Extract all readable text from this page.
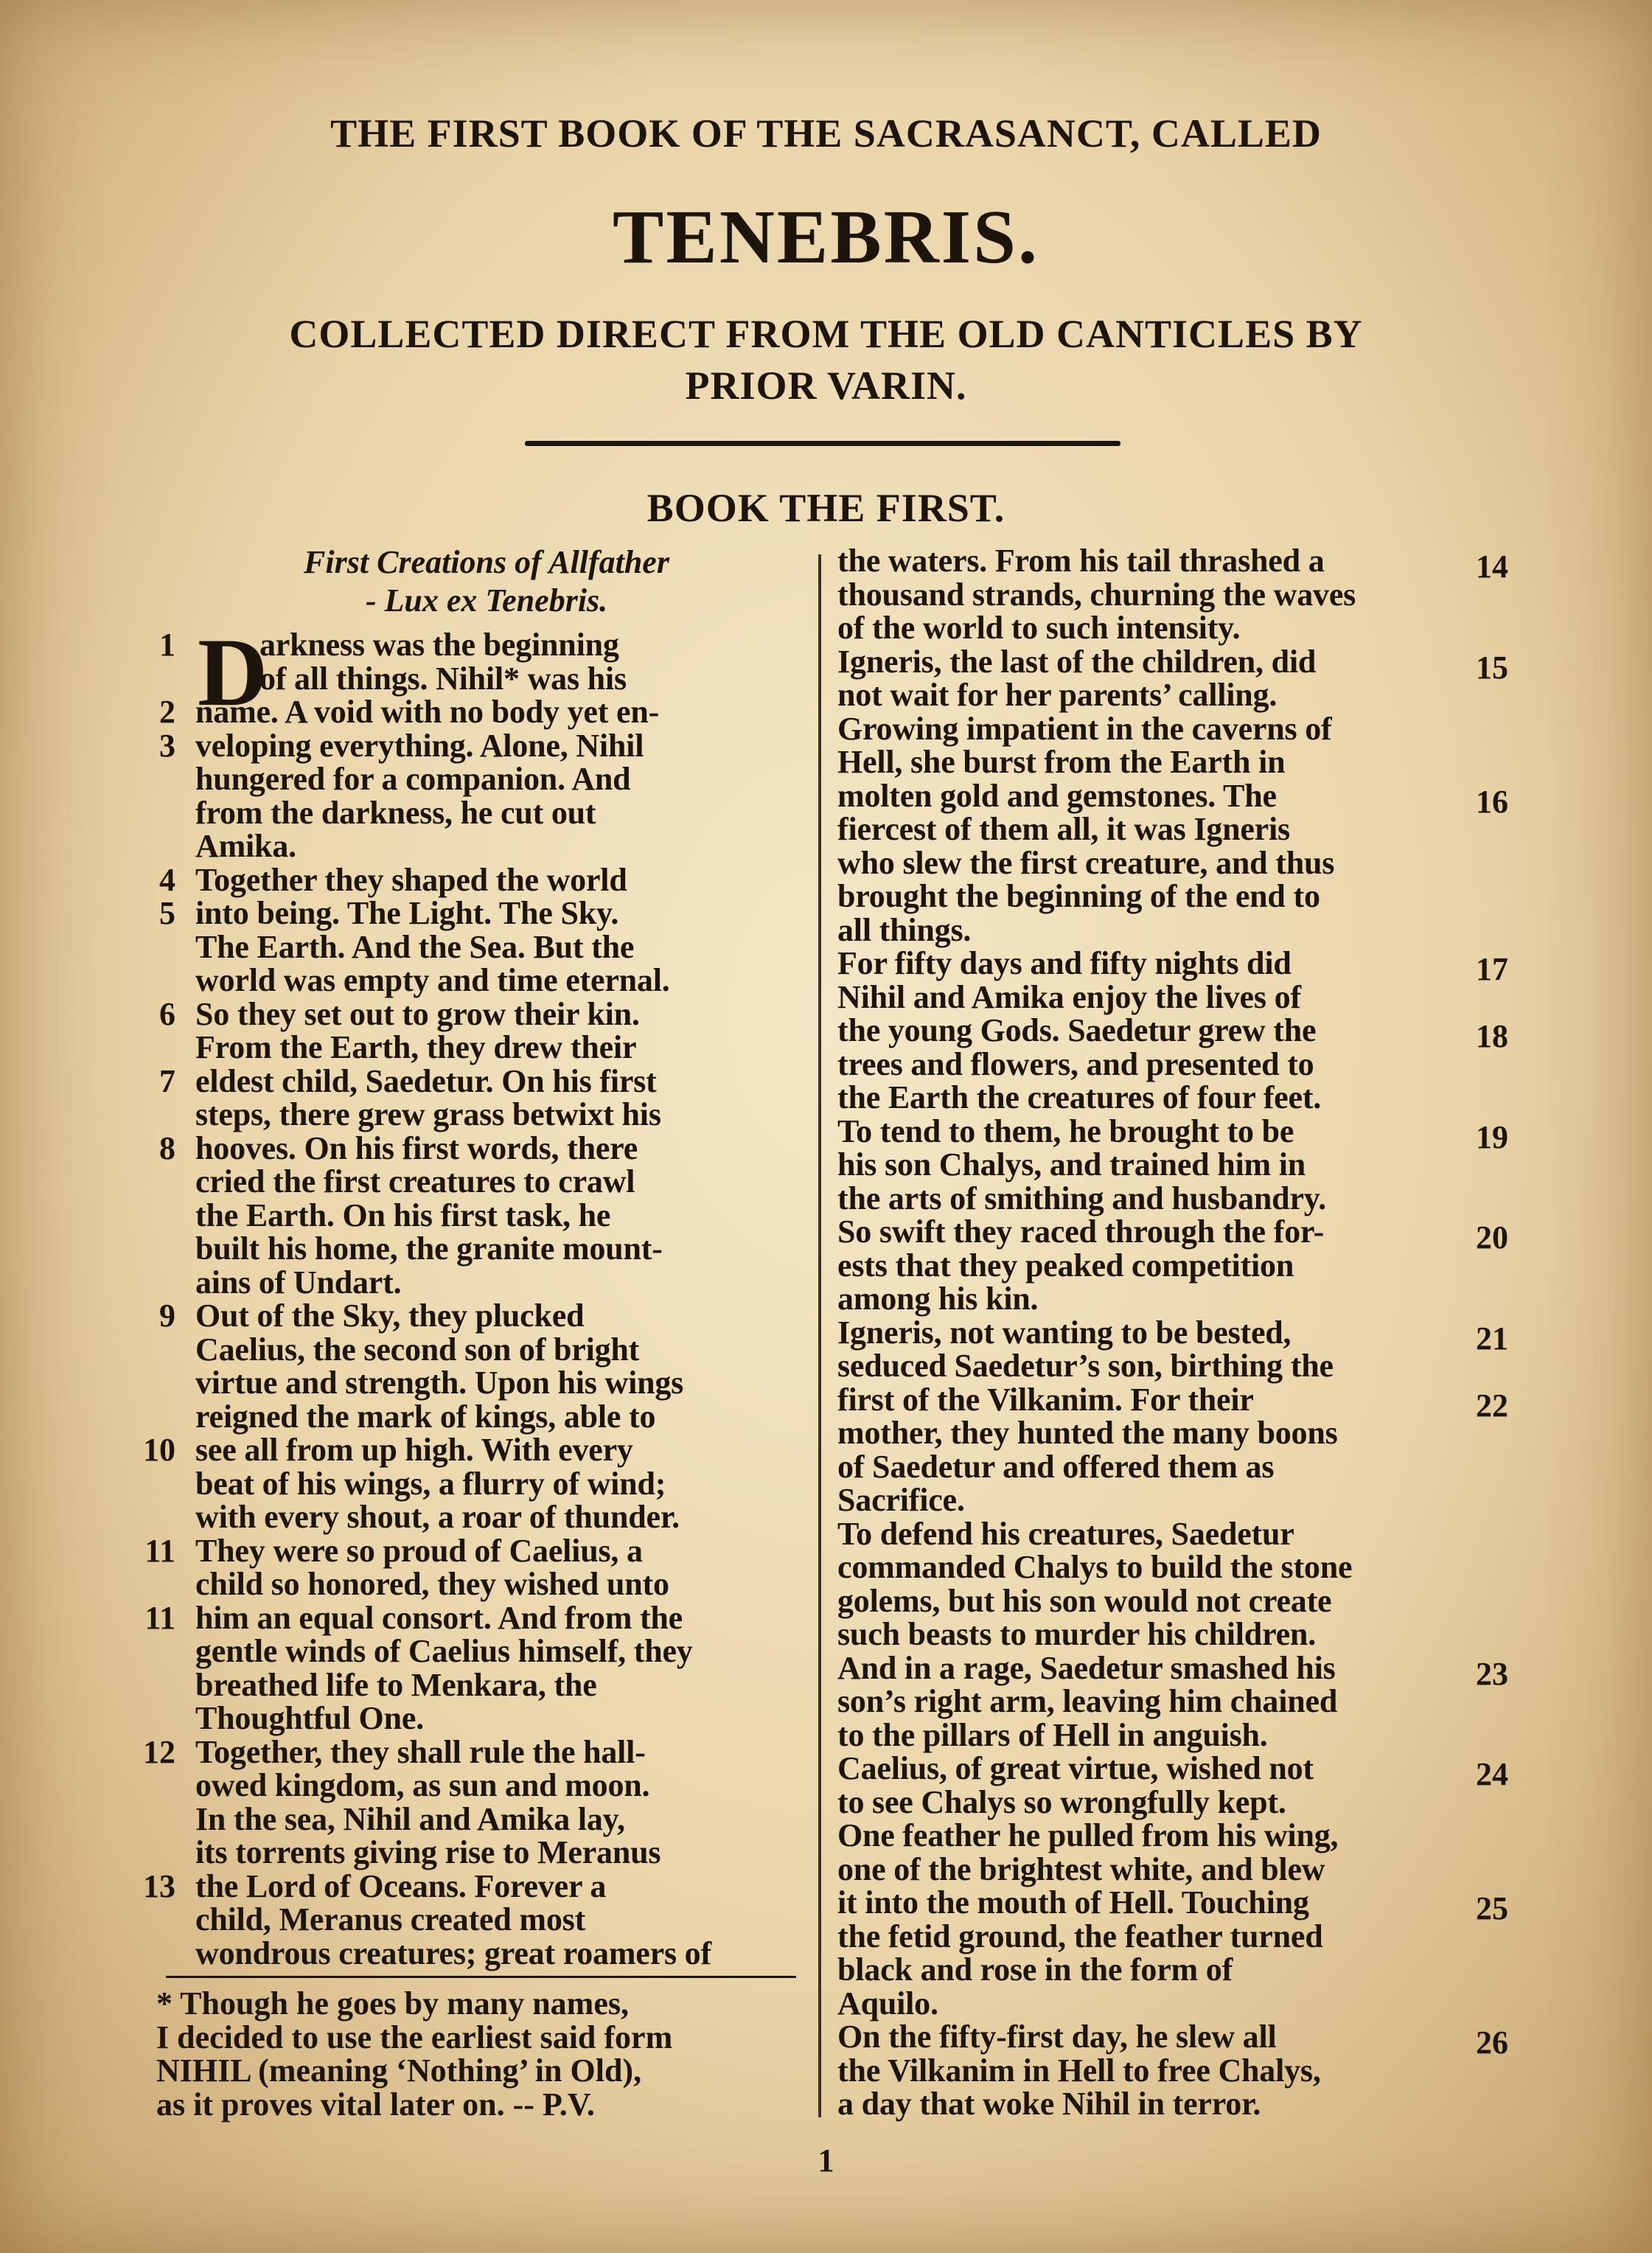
THE FIRST BOOK OF THE SACRASANCT, CALLED
TENEBRIS.
COLLECTED DIRECT FROM THE OLD CANTICLES BY
PRIOR VARIN.
BOOK THE FIRST.
First Creations of Allfather
- Lux ex Tenebris.
D
arkness was the beginning
of all things. Nihil* was his
name. A void with no body yet en-
veloping everything. Alone, Nihil
hungered for a companion. And
from the darkness, he cut out
Amika.
Together they shaped the world
into being. The Light. The Sky.
The Earth. And the Sea. But the
world was empty and time eternal.
So they set out to grow their kin.
From the Earth, they drew their
eldest child, Saedetur. On his first
steps, there grew grass betwixt his
hooves. On his first words, there
cried the first creatures to crawl
the Earth. On his first task, he
built his home, the granite mount-
ains of Undart.
Out of the Sky, they plucked
Caelius, the second son of bright
virtue and strength. Upon his wings
reigned the mark of kings, able to
see all from up high. With every
beat of his wings, a flurry of wind;
with every shout, a roar of thunder.
They were so proud of Caelius, a
child so honored, they wished unto
him an equal consort. And from the
gentle winds of Caelius himself, they
breathed life to Menkara, the
Thoughtful One.
Together, they shall rule the hall-
owed kingdom, as sun and moon.
In the sea, Nihil and Amika lay,
its torrents giving rise to Meranus
the Lord of Oceans. Forever a
child, Meranus created most
wondrous creatures; great roamers of
1
2
3
4
5
6
7
8
9
10
11
11
12
13
* Though he goes by many names,
I decided to use the earliest said form
NIHIL (meaning ‘Nothing’ in Old),
as it proves vital later on. -- P.V.
the waters. From his tail thrashed a
thousand strands, churning the waves
of the world to such intensity.
Igneris, the last of the children, did
not wait for her parents’ calling.
Growing impatient in the caverns of
Hell, she burst from the Earth in
molten gold and gemstones. The
fiercest of them all, it was Igneris
who slew the first creature, and thus
brought the beginning of the end to
all things.
For fifty days and fifty nights did
Nihil and Amika enjoy the lives of
the young Gods. Saedetur grew the
trees and flowers, and presented to
the Earth the creatures of four feet.
To tend to them, he brought to be
his son Chalys, and trained him in
the arts of smithing and husbandry.
So swift they raced through the for-
ests that they peaked competition
among his kin.
Igneris, not wanting to be bested,
seduced Saedetur’s son, birthing the
first of the Vilkanim. For their
mother, they hunted the many boons
of Saedetur and offered them as
Sacrifice.
To defend his creatures, Saedetur
commanded Chalys to build the stone
golems, but his son would not create
such beasts to murder his children.
And in a rage, Saedetur smashed his
son’s right arm, leaving him chained
to the pillars of Hell in anguish.
Caelius, of great virtue, wished not
to see Chalys so wrongfully kept.
One feather he pulled from his wing,
one of the brightest white, and blew
it into the mouth of Hell. Touching
the fetid ground, the feather turned
black and rose in the form of
Aquilo.
On the fifty-first day, he slew all
the Vilkanim in Hell to free Chalys,
a day that woke Nihil in terror.
14
15
16
17
18
19
20
21
22
23
24
25
26
1
